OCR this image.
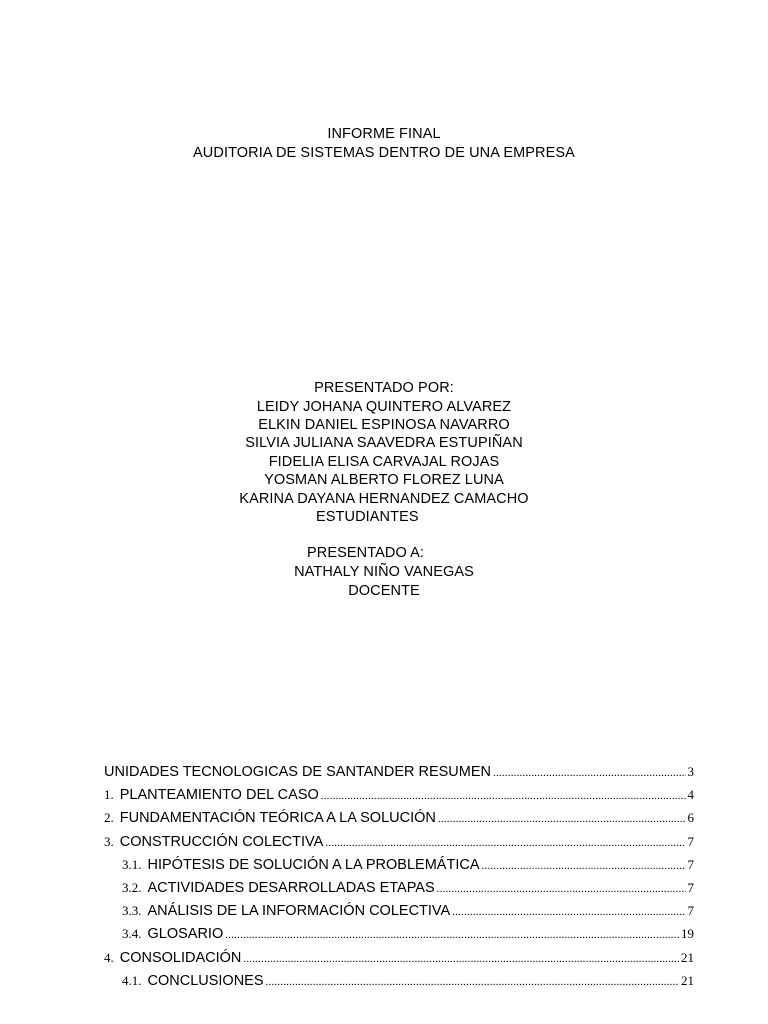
INFORME FINAL
AUDITORIA DE SISTEMAS DENTRO DE UNA EMPRESA
PRESENTADO POR:
LEIDY JOHANA QUINTERO ALVAREZ
ELKIN DANIEL ESPINOSA NAVARRO
SILVIA JULIANA SAAVEDRA ESTUPIÑAN
FIDELIA ELISA CARVAJAL ROJAS
YOSMAN ALBERTO FLOREZ LUNA
KARINA DAYANA HERNANDEZ CAMACHO
ESTUDIANTES
PRESENTADO A:
NATHALY NIÑO VANEGAS
DOCENTE
UNIDADES TECNOLOGICAS DE SANTANDER RESUMEN .....	3
1. PLANTEAMIENTO DEL CASO .....	4
2. FUNDAMENTACIÓN TEÓRICA A LA SOLUCIÓN .....	6
3. CONSTRUCCIÓN COLECTIVA .....	7
3.1. HIPÓTESIS DE SOLUCIÓN A LA PROBLEMÁTICA .....	7
3.2. ACTIVIDADES DESARROLLADAS ETAPAS .....	7
3.3. ANÁLISIS DE LA INFORMACIÓN COLECTIVA .....	7
3.4. GLOSARIO .....	19
4. CONSOLIDACIÓN .....	21
4.1. CONCLUSIONES .....	21
